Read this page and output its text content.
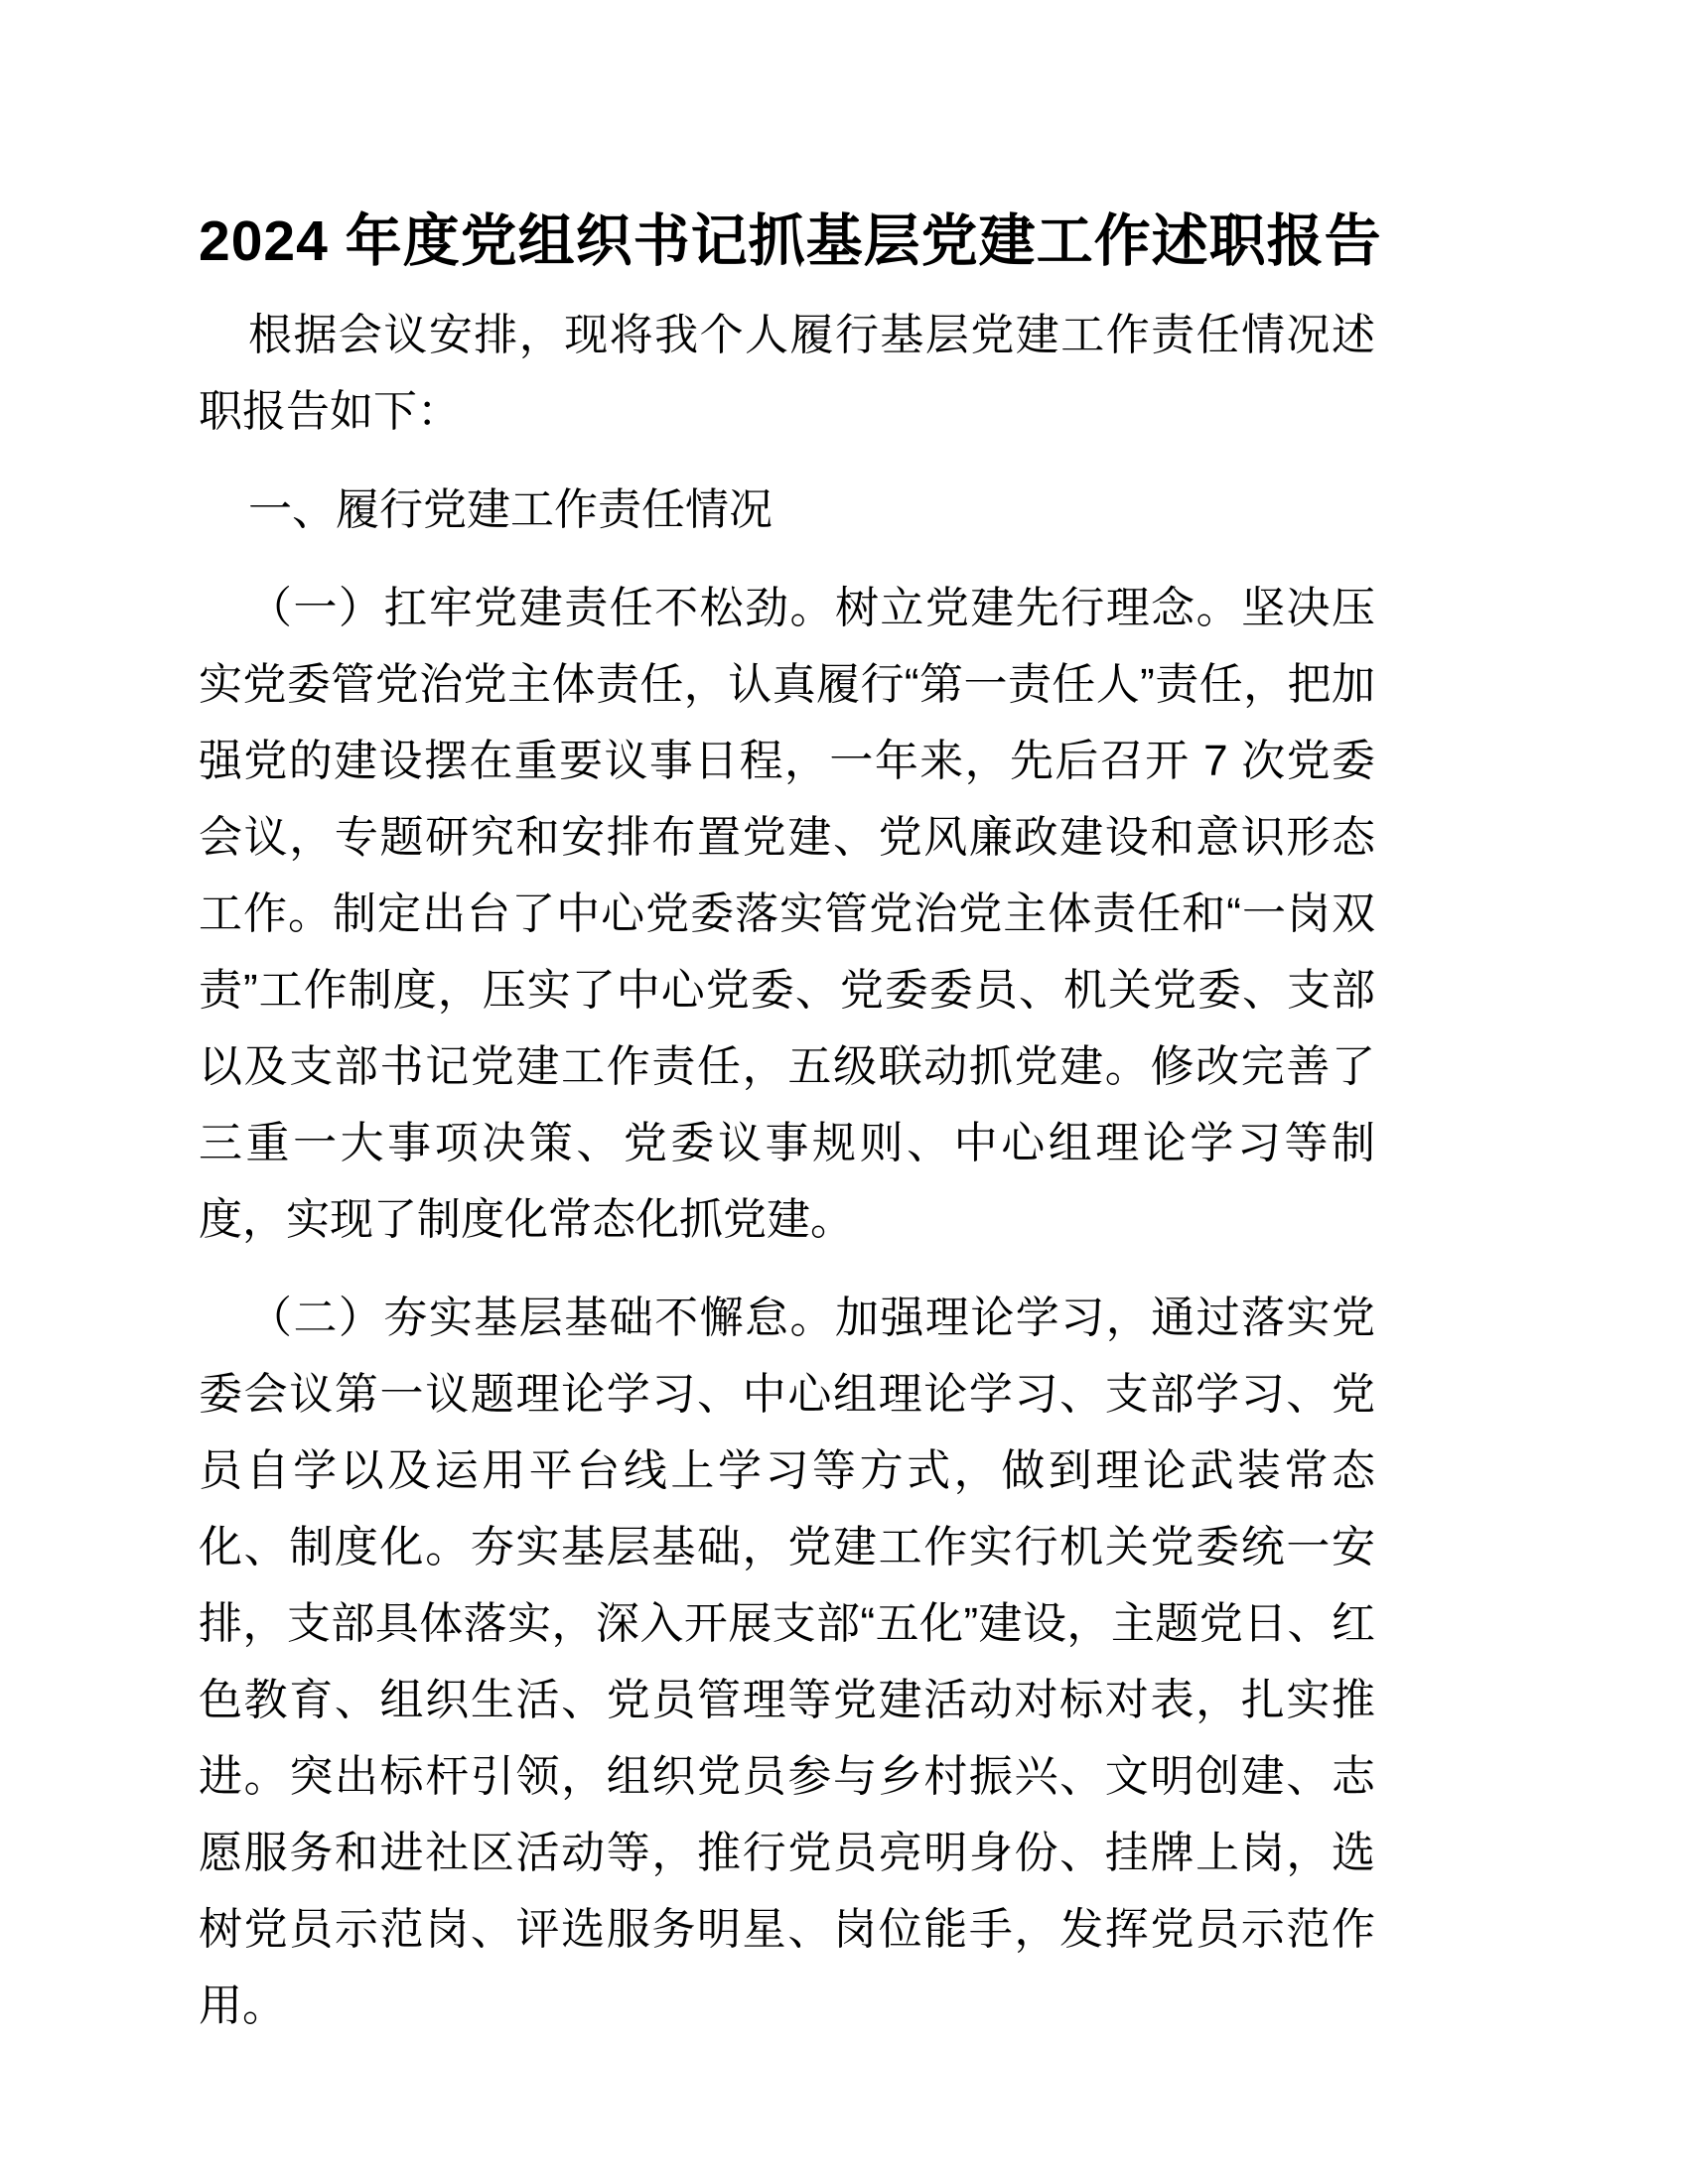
2024 年度党组织书记抓基层党建工作述职报告

根据会议安排，现将我个人履行基层党建工作责任情况述职报告如下：

一、履行党建工作责任情况

（一）扛牢党建责任不松劲。树立党建先行理念。坚决压实党委管党治党主体责任，认真履行“第一责任人”责任，把加强党的建设摆在重要议事日程，一年来，先后召开 7 次党委会议，专题研究和安排布置党建、党风廉政建设和意识形态工作。制定出台了中心党委落实管党治党主体责任和“一岗双责”工作制度，压实了中心党委、党委委员、机关党委、支部以及支部书记党建工作责任，五级联动抓党建。修改完善了三重一大事项决策、党委议事规则、中心组理论学习等制度，实现了制度化常态化抓党建。

（二）夯实基层基础不懈怠。加强理论学习，通过落实党委会议第一议题理论学习、中心组理论学习、支部学习、党员自学以及运用平台线上学习等方式，做到理论武装常态化、制度化。夯实基层基础，党建工作实行机关党委统一安排，支部具体落实，深入开展支部“五化”建设，主题党日、红色教育、组织生活、党员管理等党建活动对标对表，扎实推进。突出标杆引领，组织党员参与乡村振兴、文明创建、志愿服务和进社区活动等，推行党员亮明身份、挂牌上岗，选树党员示范岗、评选服务明星、岗位能手，发挥党员示范作用。
